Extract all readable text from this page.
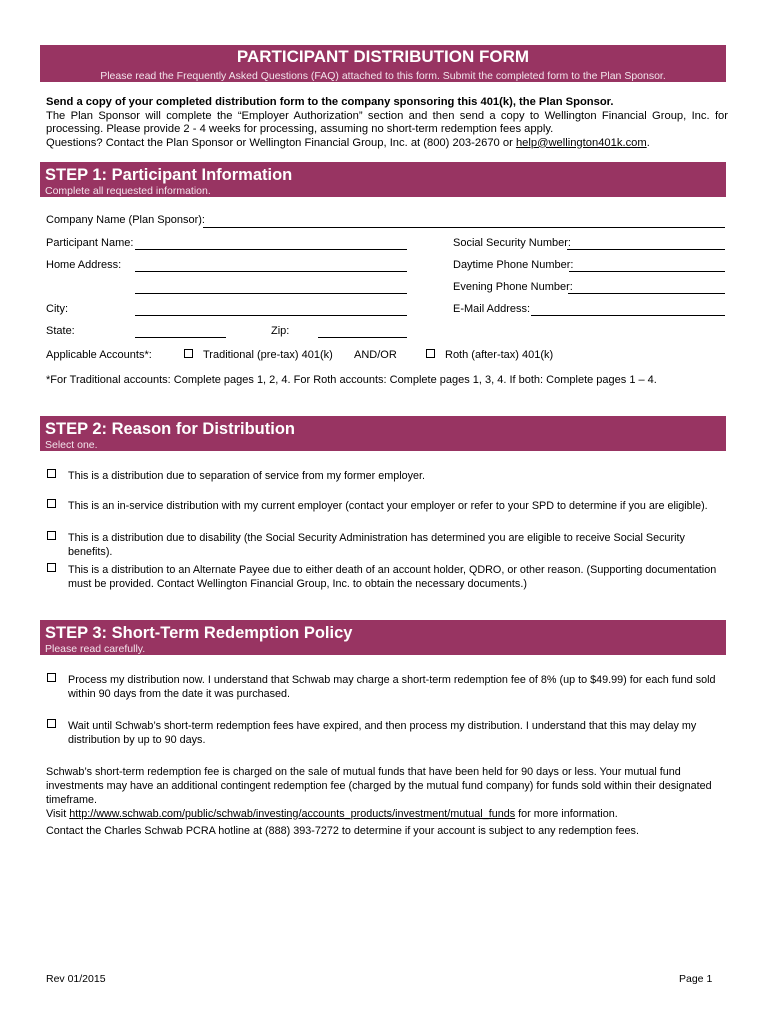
PARTICIPANT DISTRIBUTION FORM
Please read the Frequently Asked Questions (FAQ) attached to this form. Submit the completed form to the Plan Sponsor.
Send a copy of your completed distribution form to the company sponsoring this 401(k), the Plan Sponsor.
The Plan Sponsor will complete the “Employer Authorization” section and then send a copy to Wellington Financial Group, Inc. for processing. Please provide 2 - 4 weeks for processing, assuming no short-term redemption fees apply.
Questions? Contact the Plan Sponsor or Wellington Financial Group, Inc. at (800) 203-2670 or help@wellington401k.com.
STEP 1: Participant Information
Complete all requested information.
Company Name (Plan Sponsor):
Participant Name:	Social Security Number:
Home Address:	Daytime Phone Number:
Evening Phone Number:
City:	E-Mail Address:
State:	Zip:
Applicable Accounts*:	Traditional (pre-tax) 401(k) AND/OR	Roth (after-tax) 401(k)
*For Traditional accounts: Complete pages 1, 2, 4. For Roth accounts: Complete pages 1, 3, 4. If both: Complete pages 1 – 4.
STEP 2: Reason for Distribution
Select one.
This is a distribution due to separation of service from my former employer.
This is an in-service distribution with my current employer (contact your employer or refer to your SPD to determine if you are eligible).
This is a distribution due to disability (the Social Security Administration has determined you are eligible to receive Social Security benefits).
This is a distribution to an Alternate Payee due to either death of an account holder, QDRO, or other reason. (Supporting documentation must be provided. Contact Wellington Financial Group, Inc. to obtain the necessary documents.)
STEP 3: Short-Term Redemption Policy
Please read carefully.
Process my distribution now. I understand that Schwab may charge a short-term redemption fee of 8% (up to $49.99) for each fund sold within 90 days from the date it was purchased.
Wait until Schwab’s short-term redemption fees have expired, and then process my distribution. I understand that this may delay my distribution by up to 90 days.
Schwab’s short-term redemption fee is charged on the sale of mutual funds that have been held for 90 days or less. Your mutual fund investments may have an additional contingent redemption fee (charged by the mutual fund company) for funds sold within their designated timeframe.
Visit http://www.schwab.com/public/schwab/investing/accounts_products/investment/mutual_funds for more information.
Contact the Charles Schwab PCRA hotline at (888) 393-7272 to determine if your account is subject to any redemption fees.
Rev 01/2015	Page 1
